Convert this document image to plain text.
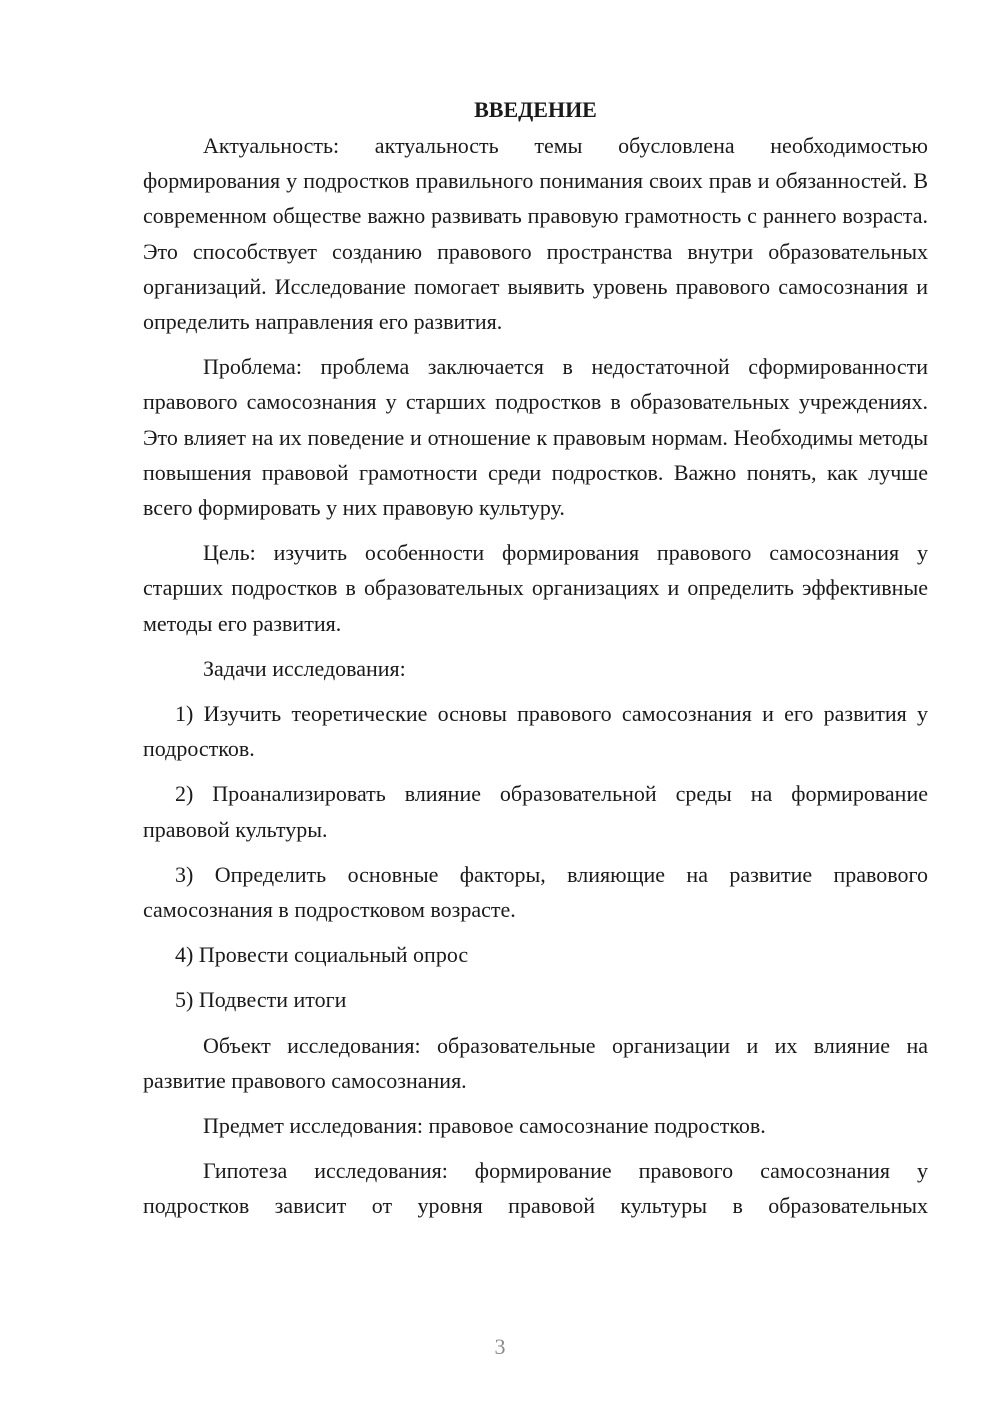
ВВЕДЕНИЕ

Актуальность: актуальность темы обусловлена необходимостью формирования у подростков правильного понимания своих прав и обязанностей. В современном обществе важно развивать правовую грамотность с раннего возраста. Это способствует созданию правового пространства внутри образовательных организаций. Исследование помогает выявить уровень правового самосознания и определить направления его развития.

Проблема: проблема заключается в недостаточной сформированности правового самосознания у старших подростков в образовательных учреждениях. Это влияет на их поведение и отношение к правовым нормам. Необходимы методы повышения правовой грамотности среди подростков. Важно понять, как лучше всего формировать у них правовую культуру.

Цель: изучить особенности формирования правового самосознания у старших подростков в образовательных организациях и определить эффективные методы его развития.

Задачи исследования:

1) Изучить теоретические основы правового самосознания и его развития у подростков.

2) Проанализировать влияние образовательной среды на формирование правовой культуры.

3) Определить основные факторы, влияющие на развитие правового самосознания в подростковом возрасте.

4) Провести социальный опрос

5) Подвести итоги

Объект исследования: образовательные организации и их влияние на развитие правового самосознания.

Предмет исследования: правовое самосознание подростков.

Гипотеза исследования: формирование правового самосознания у подростков зависит от уровня правовой культуры в образовательных

3
